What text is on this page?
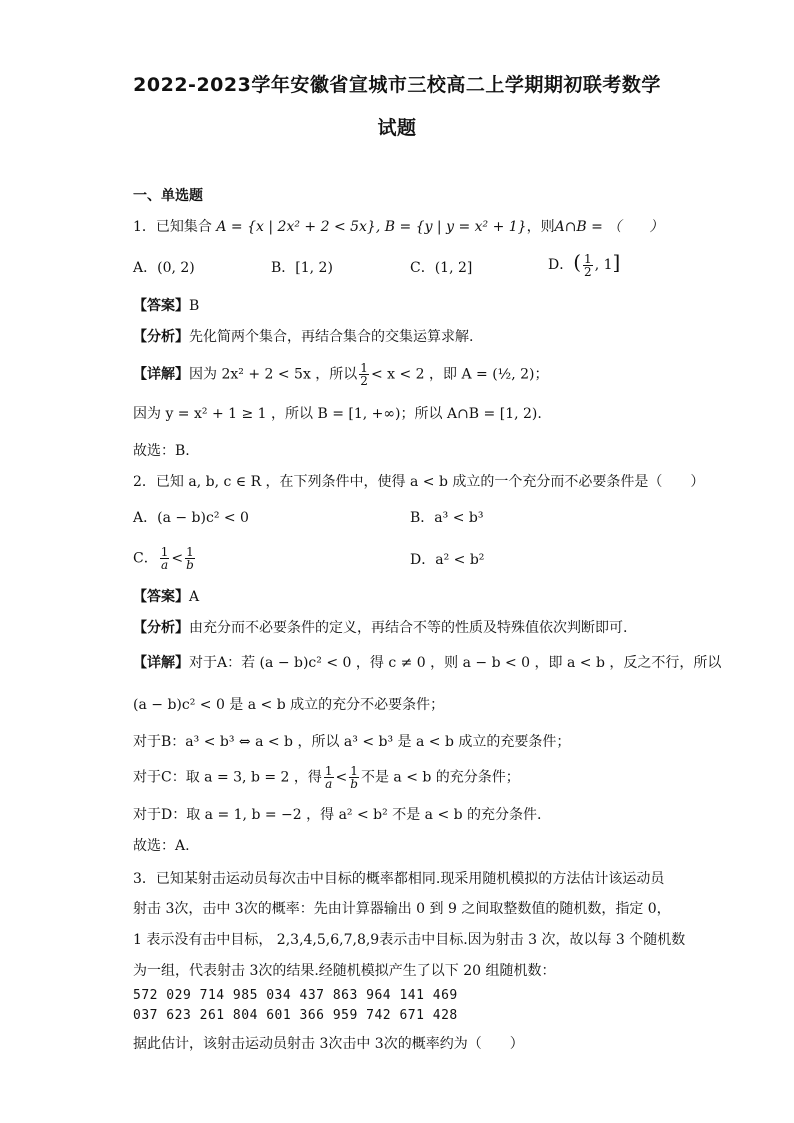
2022-2023学年安徽省宣城市三校高二上学期期初联考数学
试题
一、单选题
1．已知集合 A = {x | 2x² + 2 < 5x}, B = {y | y = x² + 1}，则A∩B = （　　）
A．(0, 2)	B．[1, 2)	C．(1, 2]	D．( $\frac{1}{2}$ , 1]
【答案】B
【分析】先化简两个集合，再结合集合的交集运算求解.
【详解】因为 2x² + 2 < 5x ，所以 $\frac{1}{2} < x < 2$ ，即 A = (½, 2)；
因为 y = x² + 1 ≥ 1 ，所以 B = [1, +∞)；所以 A∩B = [1, 2).
故选：B.
2．已知 a, b, c ∈ R ，在下列条件中，使得 a < b 成立的一个充分而不必要条件是（　　）
A．(a − b)c² < 0	B．a³ < b³
C． $\frac{1}{a} < \frac{1}{b}$	D．a² < b²
【答案】A
【分析】由充分而不必要条件的定义，再结合不等的性质及特殊值依次判断即可.
【详解】对于A：若 (a − b)c² < 0 ，得 c ≠ 0 ，则 a − b < 0 ，即 a < b ，反之不行，所以
(a − b)c² < 0 是 a < b 成立的充分不必要条件；
对于B：a³ < b³ ⇔ a < b ，所以 a³ < b³ 是 a < b 成立的充要条件；
对于C：取 a = 3, b = 2 ，得 $\frac{1}{a} < \frac{1}{b}$ 不是 a < b 的充分条件；
对于D：取 a = 1, b = −2 ，得 a² < b² 不是 a < b 的充分条件.
故选：A.
3．已知某射击运动员每次击中目标的概率都相同.现采用随机模拟的方法估计该运动员
射击 3次，击中 3次的概率：先由计算器输出 0 到 9 之间取整数值的随机数，指定 0，
1 表示没有击中目标， 2,3,4,5,6,7,8,9表示击中目标.因为射击 3 次，故以每 3 个随机数
为一组，代表射击 3次的结果.经随机模拟产生了以下 20 组随机数：
572 029 714 985 034 437 863 964 141 469
037 623 261 804 601 366 959 742 671 428
据此估计，该射击运动员射击 3次击中 3次的概率约为（　　）
